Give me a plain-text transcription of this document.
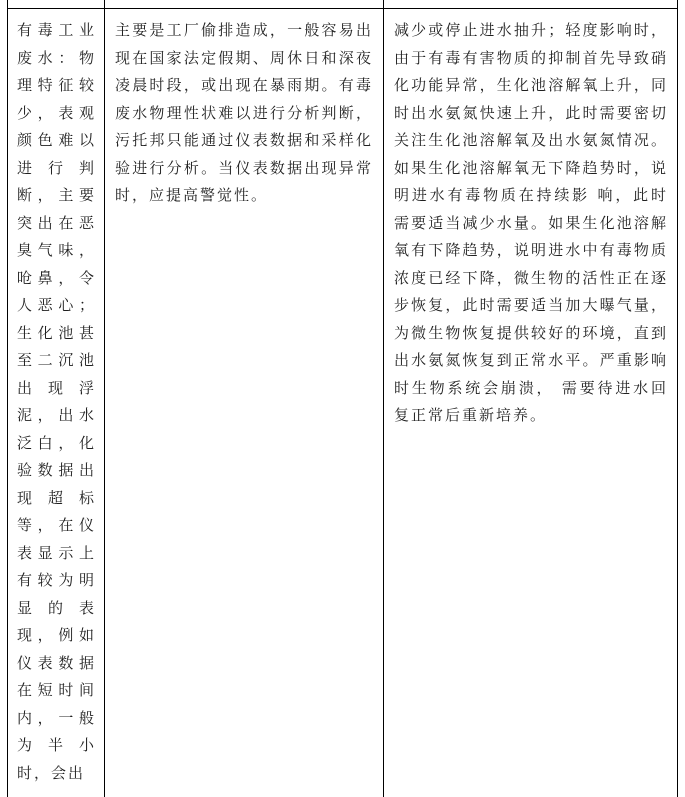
有毒工业废水：物理特征较少，表观颜色难以进行判断，主要突出在恶臭气味，呛鼻，令人恶心；生化池甚至二沉池出现浮泥，出水泛白，化验数据出现超标等，在仪表显示上有较为明显的表现，例如仪表数据在短时间内，一般为半小时，会出

主要是工厂偷排造成，一般容易出现在国家法定假期、周休日和深夜凌晨时段，或出现在暴雨期。有毒废水物理性状难以进行分析判断，污托邦只能通过仪表数据和采样化验进行分析。当仪表数据出现异常时，应提高警觉性。

减少或停止进水抽升；轻度影响时，由于有毒有害物质的抑制首先导致硝化功能异常，生化池溶解氧上升，同时出水氨氮快速上升，此时需要密切关注生化池溶解氧及出水氨氮情况。如果生化池溶解氧无下降趋势时，说明进水有毒物质在持续影 响，此时需要适当减少水量。如果生化池溶解氧有下降趋势，说明进水中有毒物质浓度已经下降，微生物的活性正在逐步恢复，此时需要适当加大曝气量，为微生物恢复提供较好的环境，直到出水氨氮恢复到正常水平。严重影响时生物系统会崩溃， 需要待进水回复正常后重新培养。
